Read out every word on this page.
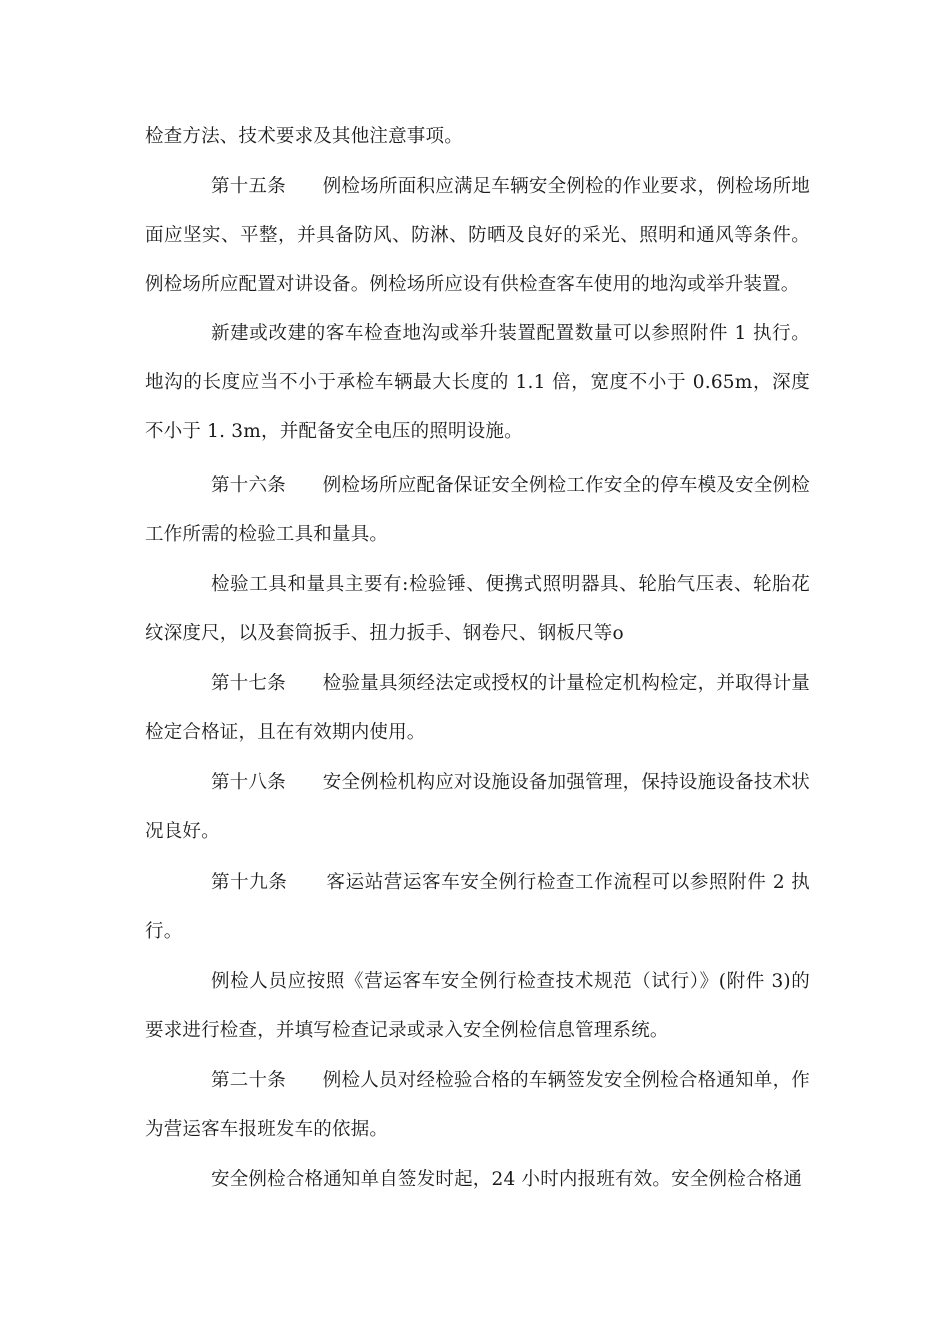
检查方法、技术要求及其他注意事项。

第十五条 例检场所面积应满足车辆安全例检的作业要求，例检场所地面应坚实、平整，并具备防风、防淋、防晒及良好的采光、照明和通风等条件。例检场所应配置对讲设备。例检场所应设有供检查客车使用的地沟或举升装置。

新建或改建的客车检查地沟或举升装置配置数量可以参照附件 1 执行。地沟的长度应当不小于承检车辆最大长度的 1.1 倍，宽度不小于 0.65m，深度不小于 1. 3m，并配备安全电压的照明设施。

第十六条 例检场所应配备保证安全例检工作安全的停车模及安全例检工作所需的检验工具和量具。

检验工具和量具主要有:检验锤、便携式照明器具、轮胎气压表、轮胎花纹深度尺，以及套筒扳手、扭力扳手、钢卷尺、钢板尺等o

第十七条 检验量具须经法定或授权的计量检定机构检定，并取得计量检定合格证，且在有效期内使用。

第十八条 安全例检机构应对设施设备加强管理，保持设施设备技术状况良好。

第十九条 客运站营运客车安全例行检查工作流程可以参照附件 2 执行。

例检人员应按照《营运客车安全例行检查技术规范（试行）》(附件 3)的要求进行检查，并填写检查记录或录入安全例检信息管理系统。

第二十条 例检人员对经检验合格的车辆签发安全例检合格通知单，作为营运客车报班发车的依据。

安全例检合格通知单自签发时起，24 小时内报班有效。安全例检合格通
